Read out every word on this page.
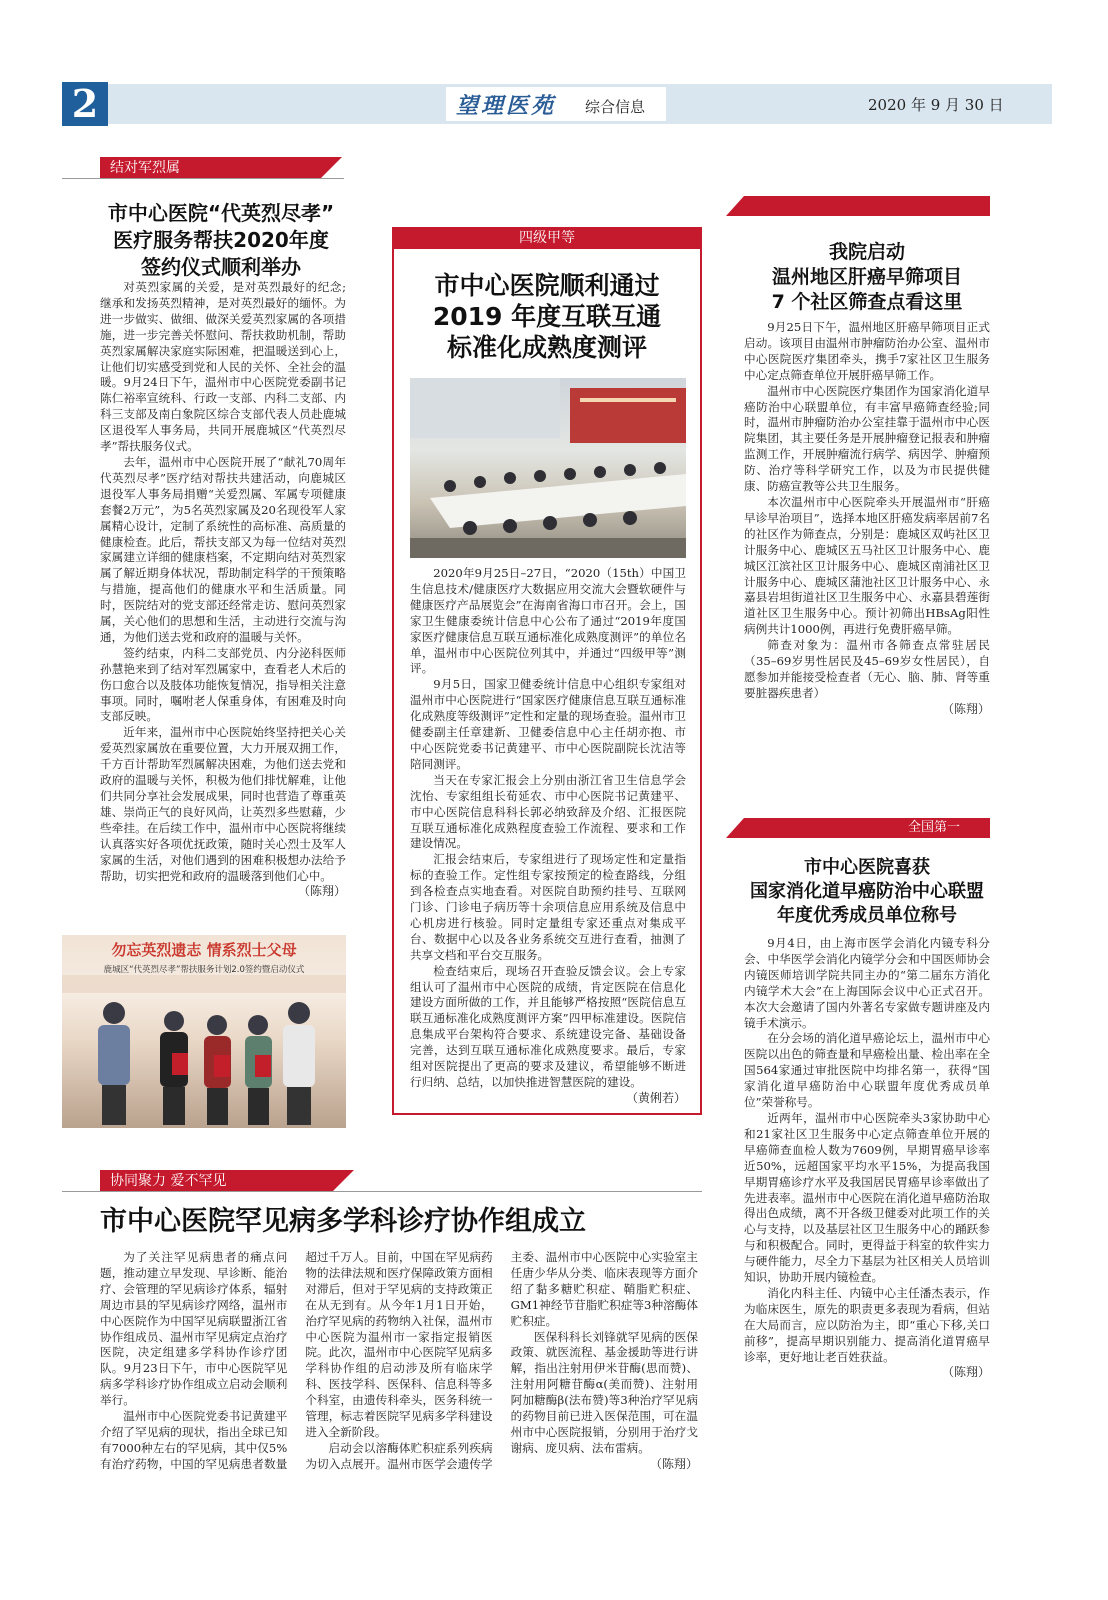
2	望理医苑 综合信息	2020 年 9 月 30 日
结对军烈属
市中心医院“代英烈尽孝”
医疗服务帮扶2020年度
签约仪式顺利举办

对英烈家属的关爱，是对英烈最好的纪念;继承和发扬英烈精神，是对英烈最好的缅怀。为进一步做实、做细、做深关爱英烈家属的各项措施，进一步完善关怀慰问、帮扶救助机制，帮助英烈家属解决家庭实际困难，把温暖送到心上，让他们切实感受到党和人民的关怀、全社会的温暖。9月24日下午，温州市中心医院党委副书记陈仁裕率宣统科、行政一支部、内科二支部、内科三支部及南白象院区综合支部代表人员赴鹿城区退役军人事务局，共同开展鹿城区“代英烈尽孝”帮扶服务仪式。

去年，温州市中心医院开展了“献礼70周年 代英烈尽孝”医疗结对帮扶共建活动，向鹿城区退役军人事务局捐赠“关爱烈属、军属专项健康套餐2万元”，为5名英烈家属及20名现役军人家属精心设计，定制了系统性的高标准、高质量的健康检查。此后，帮扶支部又为每一位结对英烈家属建立详细的健康档案，不定期向结对英烈家属了解近期身体状况，帮助制定科学的干预策略与措施，提高他们的健康水平和生活质量。同时，医院结对的党支部还经常走访、慰问英烈家属，关心他们的思想和生活，主动进行交流与沟通，为他们送去党和政府的温暖与关怀。

签约结束，内科二支部党员、内分泌科医师孙慧艳来到了结对军烈属家中，查看老人术后的伤口愈合以及肢体功能恢复情况，指导相关注意事项。同时，嘱咐老人保重身体，有困难及时向支部反映。

近年来，温州市中心医院始终坚持把关心关爱英烈家属放在重要位置，大力开展双拥工作，千方百计帮助军烈属解决困难，为他们送去党和政府的温暖与关怀，积极为他们排忧解难，让他们共同分享社会发展成果，同时也营造了尊重英雄、崇尚正气的良好风尚，让英烈多些慰藉，少些牵挂。在后续工作中，温州市中心医院将继续认真落实好各项优抚政策，随时关心烈士及军人家属的生活，对他们遇到的困难积极想办法给予帮助，切实把党和政府的温暖落到他们心中。

（陈翔）
勿忘英烈遗志 情系烈士父母
鹿城区“代英烈尽孝”帮扶服务计划2.0签约暨启动仪式
四级甲等
市中心医院顺利通过
2019 年度互联互通
标准化成熟度测评

2020年9月25日–27日，“2020（15th）中国卫生信息技术/健康医疗大数据应用交流大会暨软硬件与健康医疗产品展览会”在海南省海口市召开。会上，国家卫生健康委统计信息中心公布了通过“2019年度国家医疗健康信息互联互通标准化成熟度测评”的单位名单，温州市中心医院位列其中，并通过“四级甲等”测评。

9月5日，国家卫健委统计信息中心组织专家组对温州市中心医院进行“国家医疗健康信息互联互通标准化成熟度等级测评”定性和定量的现场查验。温州市卫健委副主任章建新、卫健委信息中心主任胡亦抱、市中心医院党委书记黄建平、市中心医院副院长沈洁等陪同测评。

当天在专家汇报会上分别由浙江省卫生信息学会沈怡、专家组组长荀延农、市中心医院书记黄建平、市中心医院信息科科长郭必纳致辞及介绍、汇报医院互联互通标准化成熟程度查验工作流程、要求和工作建设情况。

汇报会结束后，专家组进行了现场定性和定量指标的查验工作。定性组专家按预定的检查路线，分组到各检查点实地查看。对医院自助预约挂号、互联网门诊、门诊电子病历等十余项信息应用系统及信息中心机房进行核验。同时定量组专家还重点对集成平台、数据中心以及各业务系统交互进行查看，抽测了共享文档和平台交互服务。

检查结束后，现场召开查验反馈会议。会上专家组认可了温州市中心医院的成绩，肯定医院在信息化建设方面所做的工作，并且能够严格按照“医院信息互联互通标准化成熟度测评方案”四甲标准建设。医院信息集成平台架构符合要求、系统建设完备、基础设备完善，达到互联互通标准化成熟度要求。最后，专家组对医院提出了更高的要求及建议，希望能够不断进行归纳、总结，以加快推进智慧医院的建设。

（黄俐若）
我院启动
温州地区肝癌早筛项目
7 个社区筛查点看这里

9月25日下午，温州地区肝癌早筛项目正式启动。该项目由温州市肿瘤防治办公室、温州市中心医院医疗集团牵头，携手7家社区卫生服务中心定点筛查单位开展肝癌早筛工作。

温州市中心医院医疗集团作为国家消化道早癌防治中心联盟单位，有丰富早癌筛查经验;同时，温州市肿瘤防治办公室挂靠于温州市中心医院集团，其主要任务是开展肿瘤登记报表和肿瘤监测工作，开展肿瘤流行病学、病因学、肿瘤预防、治疗等科学研究工作，以及为市民提供健康、防癌宣教等公共卫生服务。

本次温州市中心医院牵头开展温州市“肝癌早诊早治项目”，选择本地区肝癌发病率居前7名的社区作为筛查点，分别是：鹿城区双屿社区卫计服务中心、鹿城区五马社区卫计服务中心、鹿城区江滨社区卫计服务中心、鹿城区南浦社区卫计服务中心、鹿城区蒲池社区卫计服务中心、永嘉县岩坦街道社区卫生服务中心、永嘉县碧莲街道社区卫生服务中心。预计初筛出HBsAg阳性病例共计1000例，再进行免费肝癌早筛。

筛查对象为：温州市各筛查点常驻居民（35–69岁男性居民及45–69岁女性居民），自愿参加并能接受检查者（无心、脑、肺、肾等重要脏器疾患者）

（陈翔）
全国第一
市中心医院喜获
国家消化道早癌防治中心联盟
年度优秀成员单位称号

9月4日，由上海市医学会消化内镜专科分会、中华医学会消化内镜学分会和中国医师协会内镜医师培训学院共同主办的“第二届东方消化内镜学术大会”在上海国际会议中心正式召开。本次大会邀请了国内外著名专家做专题讲座及内镜手术演示。

在分会场的消化道早癌论坛上，温州市中心医院以出色的筛查量和早癌检出量、检出率在全国564家通过审批医院中均排名第一，获得“国家消化道早癌防治中心联盟年度优秀成员单位”荣誉称号。

近两年，温州市中心医院牵头3家协助中心和21家社区卫生服务中心定点筛查单位开展的早癌筛查血检人数为7609例，早期胃癌早诊率近50%，远超国家平均水平15%，为提高我国早期胃癌诊疗水平及我国居民胃癌早诊率做出了先进表率。温州市中心医院在消化道早癌防治取得出色成绩，离不开各级卫健委对此项工作的关心与支持，以及基层社区卫生服务中心的踊跃参与和积极配合。同时，更得益于科室的软件实力与硬件能力，尽全力下基层为社区相关人员培训知识，协助开展内镜检查。

消化内科主任、内镜中心主任潘杰表示，作为临床医生，原先的职责更多表现为看病，但站在大局而言，应以防治为主，即“重心下移,关口前移”，提高早期识别能力、提高消化道胃癌早诊率，更好地让老百姓获益。

（陈翔）
协同聚力 爱不罕见
市中心医院罕见病多学科诊疗协作组成立

为了关注罕见病患者的痛点问题，推动建立早发现、早诊断、能治疗、会管理的罕见病诊疗体系，辐射周边市县的罕见病诊疗网络，温州市中心医院作为中国罕见病联盟浙江省协作组成员、温州市罕见病定点治疗医院，决定组建多学科协作诊疗团队。9月23日下午，市中心医院罕见病多学科诊疗协作组成立启动会顺利举行。

温州市中心医院党委书记黄建平介绍了罕见病的现状，指出全球已知有7000种左右的罕见病，其中仅5%有治疗药物，中国的罕见病患者数量超过千万人。目前，中国在罕见病药物的法律法规和医疗保障政策方面相对滞后，但对于罕见病的支持政策正在从无到有。从今年1月1日开始，治疗罕见病的药物纳入社保，温州市中心医院为温州市一家指定报销医院。此次，温州市中心医院罕见病多学科协作组的启动涉及所有临床学科、医技学科、医保科、信息科等多个科室，由遗传科牵头，医务科统一管理，标志着医院罕见病多学科建设进入全新阶段。

启动会以溶酶体贮积症系列疾病为切入点展开。温州市医学会遗传学主委、温州市中心医院中心实验室主任唐少华从分类、临床表现等方面介绍了黏多糖贮积症、鞘脂贮积症、GM1神经节苷脂贮积症等3种溶酶体贮积症。

医保科科长刘锋就罕见病的医保政策、就医流程、基金援助等进行讲解，指出注射用伊米苷酶(思而赞)、注射用阿糖苷酶α(美而赞)、注射用阿加糖酶β(法布赞)等3种治疗罕见病的药物目前已进入医保范围，可在温州市中心医院报销，分别用于治疗戈谢病、庞贝病、法布雷病。

（陈翔）
